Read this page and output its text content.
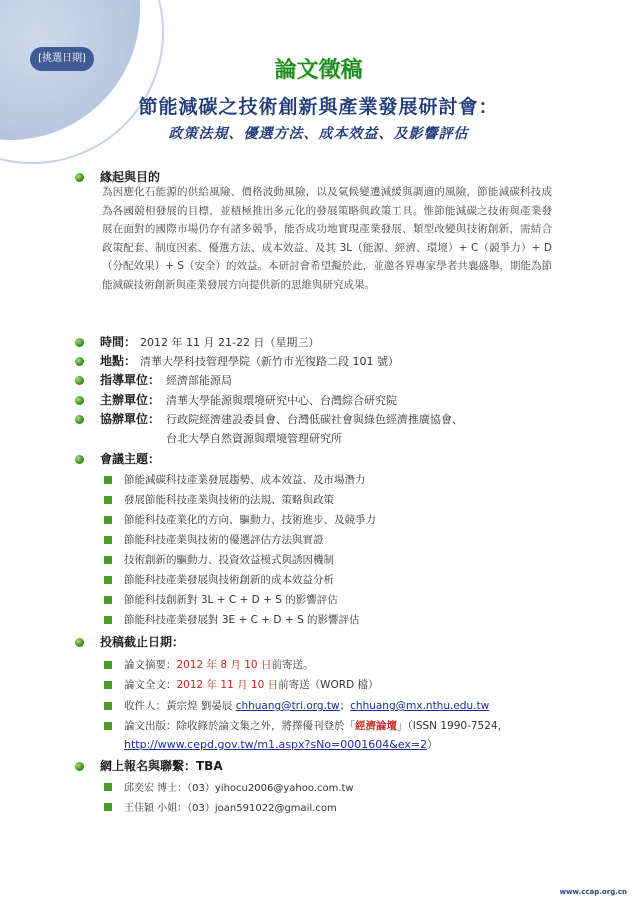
[挑選日期]	論文徵稿
節能減碳之技術創新與產業發展研討會：
政策法規、優選方法、成本效益、及影響評估
緣起與目的
為因應化石能源的供給風險、價格波動風險，以及氣候變遷減緩與調適的風險，節能減碳科技成為各國競相發展的目標，並積極推出多元化的發展策略與政策工具。惟節能減碳之技術與產業發展在面對的國際市場仍存有諸多競爭，能否成功地實現產業發展、類型改變與技術創新，需結合政策配套、制度因素、優選方法、成本效益、及其 3L（能源、經濟、環境）+ C（競爭力）+ D（分配效果）+ S（安全）的效益。本研討會希望擬於此，並邀各界專家學者共襄盛舉，期能為節能減碳技術創新與產業發展方向提供新的思維與研究成果。
時間： 2012 年 11 月 21-22 日（星期三）
地點： 清華大學科技管理學院（新竹市光復路二段 101 號）
指導單位： 經濟部能源局
主辦單位： 清華大學能源與環境研究中心、台灣綜合研究院
協辦單位： 行政院經濟建設委員會、台灣低碳社會與綠色經濟推廣協會、
台北大學自然資源與環境管理研究所
會議主題：
節能減碳科技產業發展趨勢、成本效益、及市場潛力
發展節能科技產業與技術的法規、策略與政策
節能科技產業化的方向、驅動力、技術進步、及競爭力
節能科技產業與技術的優選評估方法與實證
技術創新的驅動力、投資效益模式與誘因機制
節能科技產業發展與技術創新的成本效益分析
節能科技創新對 3L + C + D + S 的影響評估
節能科技產業發展對 3E + C + D + S 的影響評估
投稿截止日期：
論文摘要：2012 年 8 月 10 日前寄送。
論文全文：2012 年 11 月 10 日前寄送（WORD 檔）
收件人：黃宗煌 劉晏辰 chhuang@tri.org.tw；chhuang@mx.nthu.edu.tw
論文出版：除收錄於論文集之外，將擇優刊登於「經濟論壇」（ISSN 1990-7524，
http://www.cepd.gov.tw/m1.aspx?sNo=0001604&ex=2）
網上報名與聯繫：TBA
邱奕宏 博士：（03）yihocu2006@yahoo.com.tw
王佳穎 小姐：（03）joan591022@gmail.com
www.ccap.org.cn
